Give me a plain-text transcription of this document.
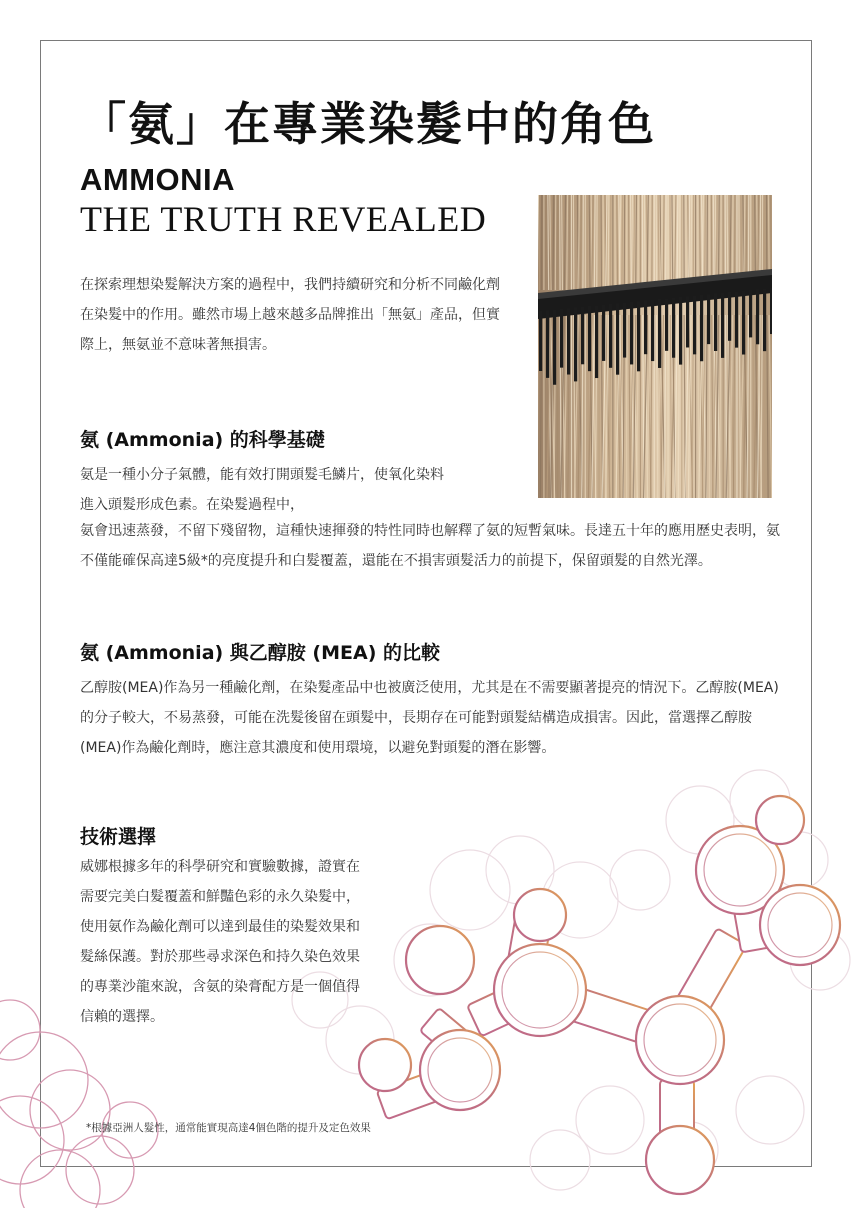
「氨」在專業染髮中的角色
AMMONIA
THE TRUTH REVEALED
在探索理想染髮解決方案的過程中，我們持續研究和分析不同鹼化劑在染髮中的作用。雖然市場上越來越多品牌推出「無氨」產品，但實際上，無氨並不意味著無損害。
氨 (Ammonia) 的科學基礎
氨是一種小分子氣體，能有效打開頭髮毛鱗片，使氧化染料進入頭髮形成色素。在染髮過程中，
氨會迅速蒸發，不留下殘留物，這種快速揮發的特性同時也解釋了氨的短暫氣味。長達五十年的應用歷史表明，氨不僅能確保高達5級*的亮度提升和白髮覆蓋，還能在不損害頭髮活力的前提下，保留頭髮的自然光澤。
氨 (Ammonia) 與乙醇胺 (MEA) 的比較
乙醇胺(MEA)作為另一種鹼化劑，在染髮產品中也被廣泛使用，尤其是在不需要顯著提亮的情況下。乙醇胺(MEA)的分子較大，不易蒸發，可能在洗髮後留在頭髮中，長期存在可能對頭髮結構造成損害。因此，當選擇乙醇胺(MEA)作為鹼化劑時，應注意其濃度和使用環境，以避免對頭髮的潛在影響。
技術選擇
威娜根據多年的科學研究和實驗數據，證實在需要完美白髮覆蓋和鮮豔色彩的永久染髮中，使用氨作為鹼化劑可以達到最佳的染髮效果和髮絲保護。對於那些尋求深色和持久染色效果的專業沙龍來說，含氨的染膏配方是一個值得信賴的選擇。
*根據亞洲人髮性，通常能實現高達4個色階的提升及定色效果
